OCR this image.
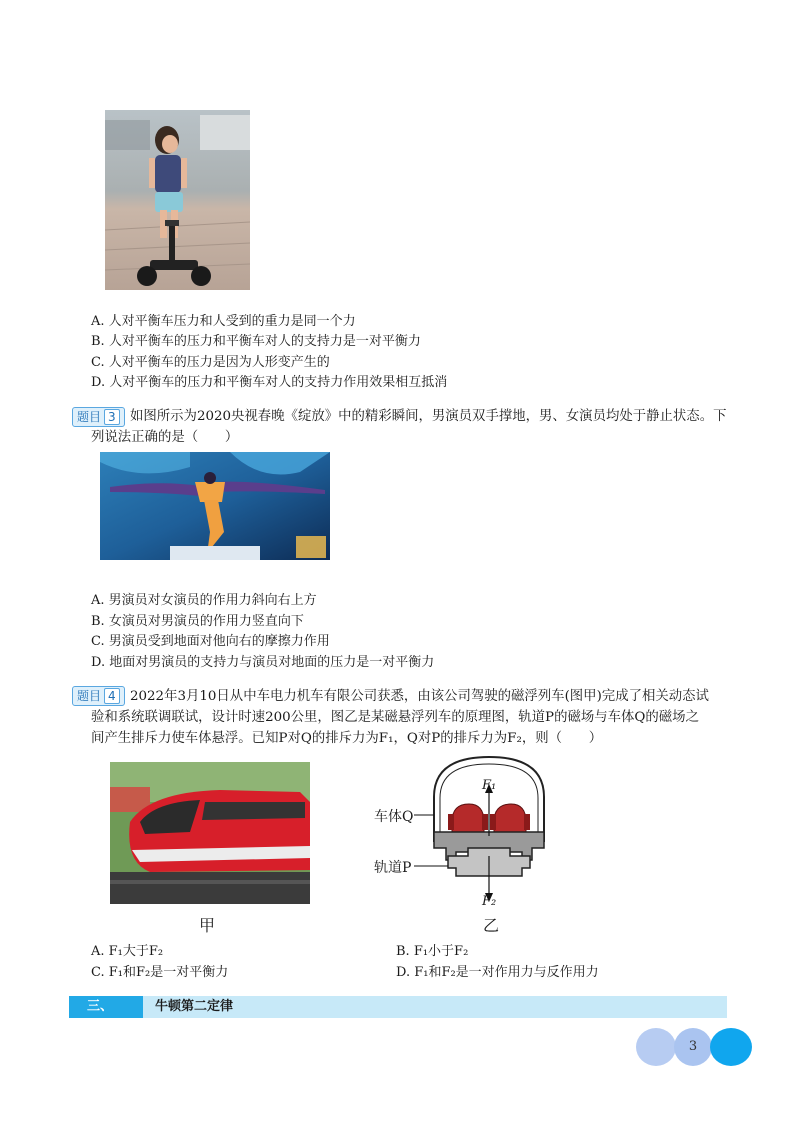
A. 人对平衡车压力和人受到的重力是同一个力
B. 人对平衡车的压力和平衡车对人的支持力是一对平衡力
C. 人对平衡车的压力是因为人形变产生的
D. 人对平衡车的压力和平衡车对人的支持力作用效果相互抵消
题目 3	如图所示为2020央视春晚《绽放》中的精彩瞬间，男演员双手撑地，男、女演员均处于静止状态。下
列说法正确的是（　　）
A. 男演员对女演员的作用力斜向右上方
B. 女演员对男演员的作用力竖直向下
C. 男演员受到地面对他向右的摩擦力作用
D. 地面对男演员的支持力与演员对地面的压力是一对平衡力
题目 4	2022年3月10日从中车电力机车有限公司获悉，由该公司驾驶的磁浮列车(图甲)完成了相关动态试
验和系统联调联试，设计时速200公里，图乙是某磁悬浮列车的原理图，轨道P的磁场与车体Q的磁场之
间产生排斥力使车体悬浮。已知P对Q的排斥力为F₁，Q对P的排斥力为F₂，则（　　）
甲
车体Q
轨道P
F₁
F₂
乙
A. F₁大于F₂	B. F₁小于F₂
C. F₁和F₂是一对平衡力	D. F₁和F₂是一对作用力与反作用力
三、	牛顿第二定律
3
